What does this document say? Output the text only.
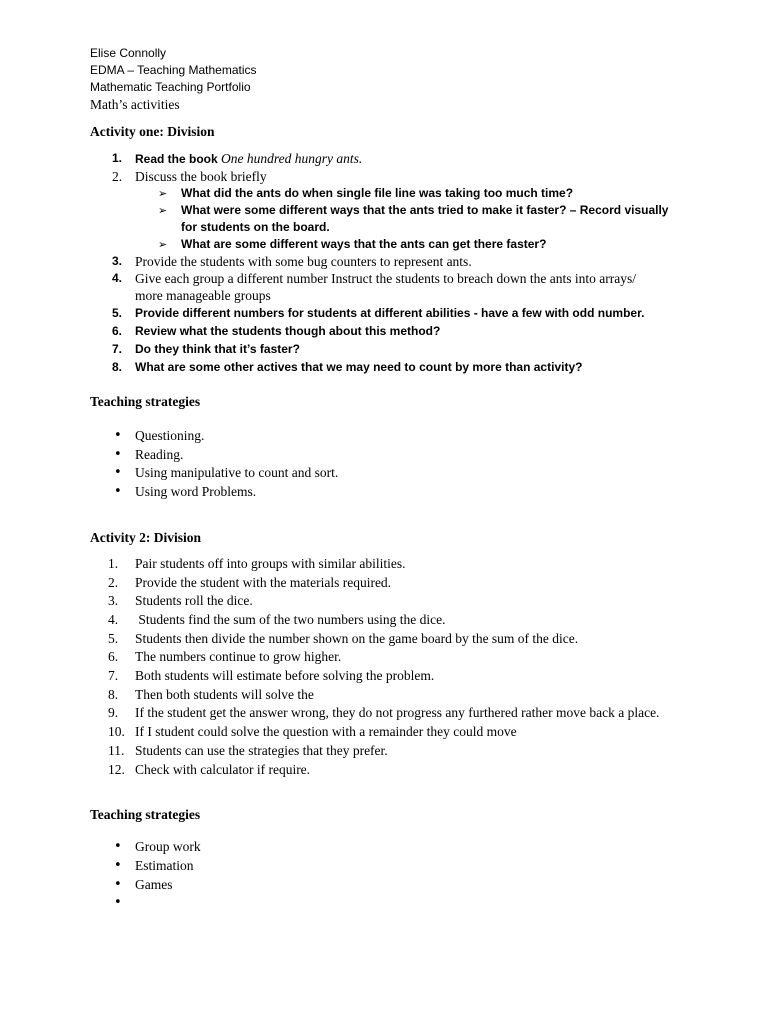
Elise Connolly
EDMA – Teaching Mathematics
Mathematic Teaching Portfolio
Math’s activities
Activity one: Division
1.	Read the book One hundred hungry ants.
2. Discuss the book briefly
➢ What did the ants do when single file line was taking too much time?
➢ What were some different ways that the ants tried to make it faster? – Record visually
for students on the board.
➢ What are some different ways that the ants can get there faster?
3. Provide the students with some bug counters to represent ants.
4. Give each group a different number Instruct the students to breach down the ants into arrays/
more manageable groups
5.	Provide different numbers for students at different abilities - have a few with odd number.
6.	Review what the students though about this method?
7.	Do they think that it’s faster?
8.	What are some other actives that we may need to count by more than activity?
Teaching strategies
• Questioning.
• Reading.
• Using manipulative to count and sort.
• Using word Problems.
Activity 2: Division
1.	Pair students off into groups with similar abilities.
2.	Provide the student with the materials required.
3.	Students roll the dice.
4.	Students find the sum of the two numbers using the dice.
5.	Students then divide the number shown on the game board by the sum of the dice.
6.	The numbers continue to grow higher.
7.	Both students will estimate before solving the problem.
8.	Then both students will solve the
9.	If the student get the answer wrong, they do not progress any furthered rather move back a place.
10. If I student could solve the question with a remainder they could move
11. Students can use the strategies that they prefer.
12. Check with calculator if require.
Teaching strategies
• Group work
• Estimation
• Games
•
